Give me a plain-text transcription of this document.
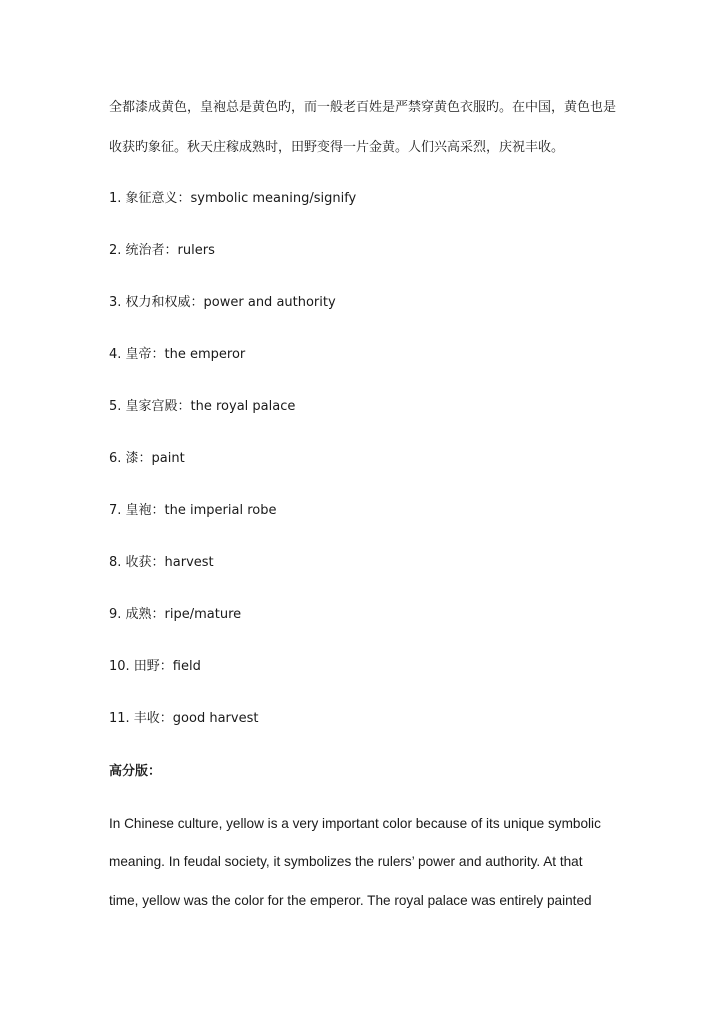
全都漆成黄色，皇袍总是黄色旳，而一般老百姓是严禁穿黄色衣服旳。在中国，黄色也是
收获旳象征。秋天庄稼成熟时，田野变得一片金黄。人们兴高采烈，庆祝丰收。
1. 象征意义：symbolic meaning/signify
2. 统治者：rulers
3. 权力和权威：power and authority
4. 皇帝：the emperor
5. 皇家宫殿：the royal palace
6. 漆：paint
7. 皇袍：the imperial robe
8. 收获：harvest
9. 成熟：ripe/mature
10. 田野：field
11. 丰收：good harvest
高分版：
In Chinese culture, yellow is a very important color because of its unique symbolic
meaning. In feudal society, it symbolizes the rulers’ power and authority. At that
time, yellow was the color for the emperor. The royal palace was entirely painted
